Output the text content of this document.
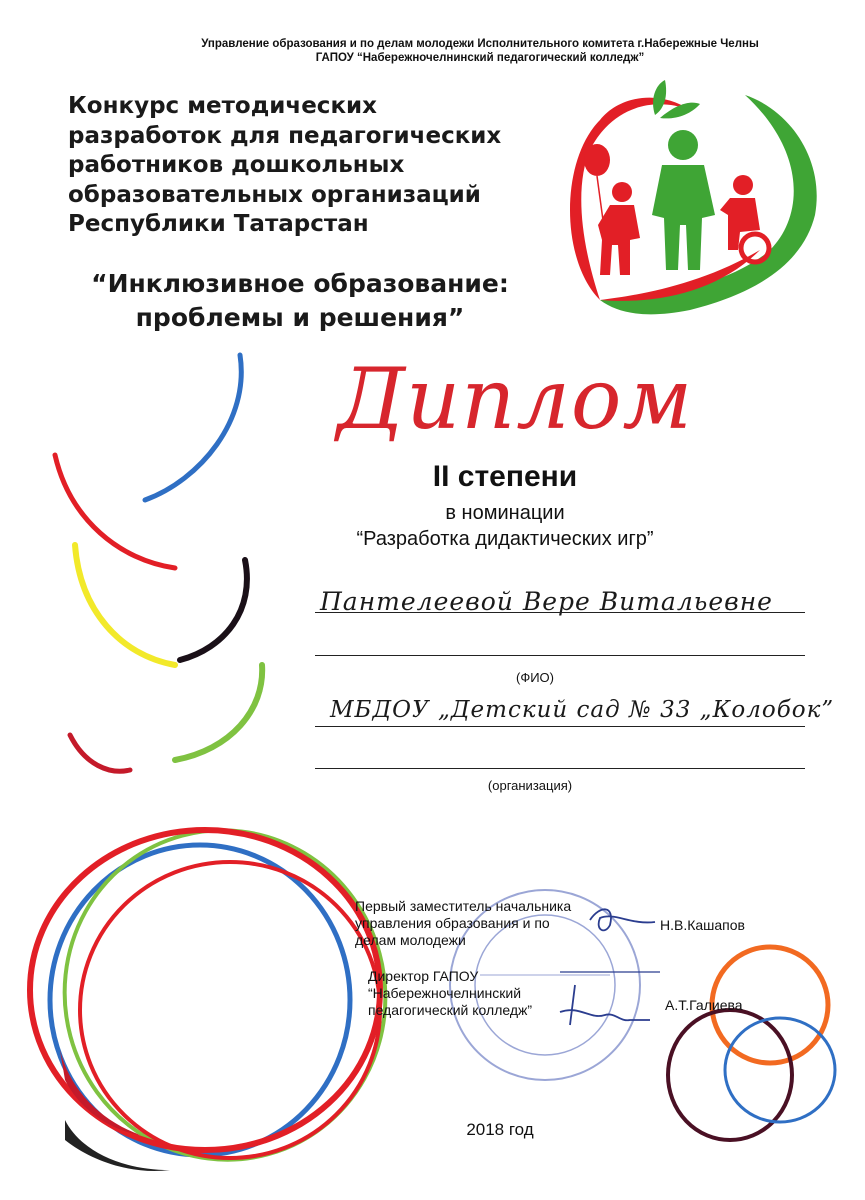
Управление образования и по делам молодежи Исполнительного комитета г.Набережные Челны
ГАПОУ “Набережночелнинский педагогический колледж”
Конкурс методических
разработок для педагогических
работников дошкольных
образовательных организаций
Республики Татарстан
“Инклюзивное образование:
проблемы и решения”
Диплом
II степени
в номинации
“Разработка дидактических игр”
Пантелеевой Вере Витальевне
(ФИО)
МБДОУ „Детский сад № 33 „Колобок”
(организация)
Первый заместитель начальника
управления образования и по
делам молодежи
Н.В.Кашапов
Директор ГАПОУ
“Набережночелнинский
педагогический колледж”	А.Т.Галиева
2018 год
